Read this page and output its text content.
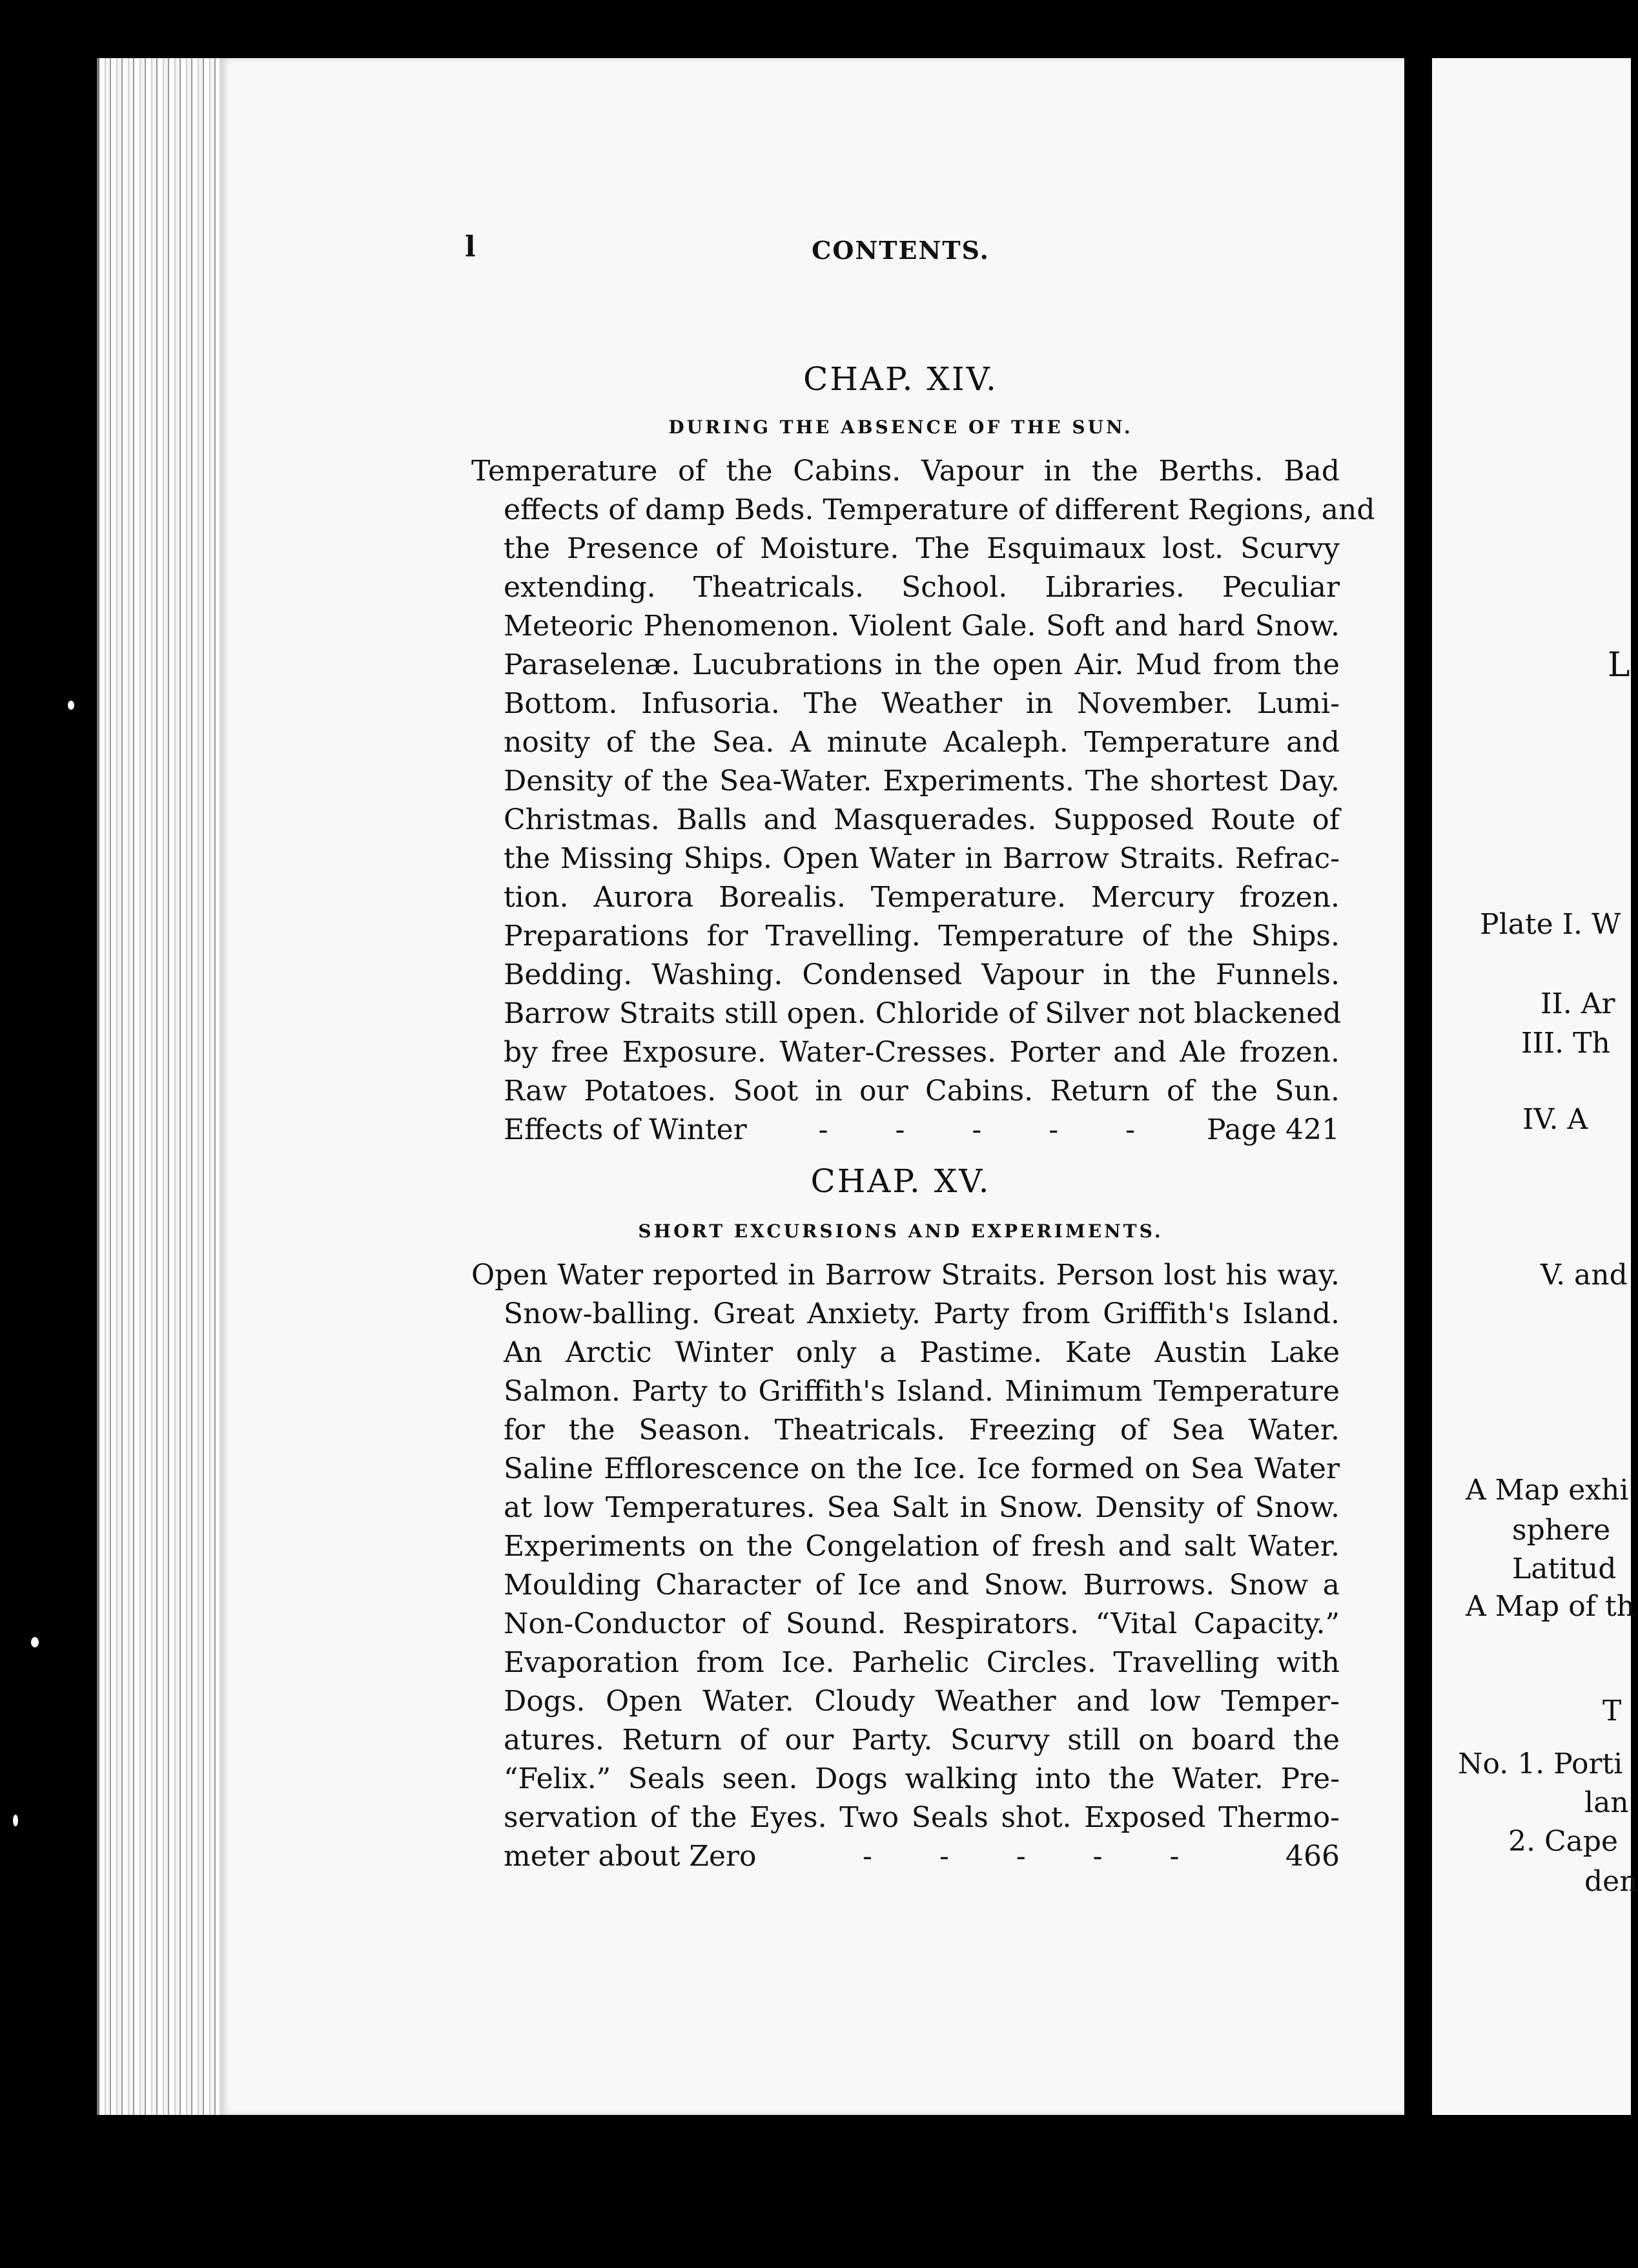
l	CONTENTS.
CHAP. XIV.
DURING THE ABSENCE OF THE SUN.
Temperature of the Cabins. Vapour in the Berths. Bad
effects of damp Beds. Temperature of different Regions, and
the Presence of Moisture. The Esquimaux lost. Scurvy
extending. Theatricals. School. Libraries. Peculiar
Meteoric Phenomenon. Violent Gale. Soft and hard Snow.
Paraselenæ. Lucubrations in the open Air. Mud from the
Bottom. Infusoria. The Weather in November. Lumi-
nosity of the Sea. A minute Acaleph. Temperature and
Density of the Sea-Water. Experiments. The shortest Day.
Christmas. Balls and Masquerades. Supposed Route of
the Missing Ships. Open Water in Barrow Straits. Refrac-
tion. Aurora Borealis. Temperature. Mercury frozen.
Preparations for Travelling. Temperature of the Ships.
Bedding. Washing. Condensed Vapour in the Funnels.
Barrow Straits still open. Chloride of Silver not blackened
by free Exposure. Water-Cresses. Porter and Ale frozen.
Raw Potatoes. Soot in our Cabins. Return of the Sun.
Effects of Winter	- - - - -	Page 421
CHAP. XV.
SHORT EXCURSIONS AND EXPERIMENTS.
Open Water reported in Barrow Straits. Person lost his way.
Snow-balling. Great Anxiety. Party from Griffith's Island.
An Arctic Winter only a Pastime. Kate Austin Lake
Salmon. Party to Griffith's Island. Minimum Temperature
for the Season. Theatricals. Freezing of Sea Water.
Saline Efflorescence on the Ice. Ice formed on Sea Water
at low Temperatures. Sea Salt in Snow. Density of Snow.
Experiments on the Congelation of fresh and salt Water.
Moulding Character of Ice and Snow. Burrows. Snow a
Non-Conductor of Sound. Respirators. “Vital Capacity.”
Evaporation from Ice. Parhelic Circles. Travelling with
Dogs. Open Water. Cloudy Weather and low Temper-
atures. Return of our Party. Scurvy still on board the
“Felix.” Seals seen. Dogs walking into the Water. Pre-
servation of the Eyes. Two Seals shot. Exposed Thermo-
meter about Zero	- - - - -	466
L
Plate I. W
II. Ar
III. Th
IV. A
V. and
A Map exhi
sphere
Latitud
A Map of th
T
No. 1. Porti
lan
2. Cape
den
